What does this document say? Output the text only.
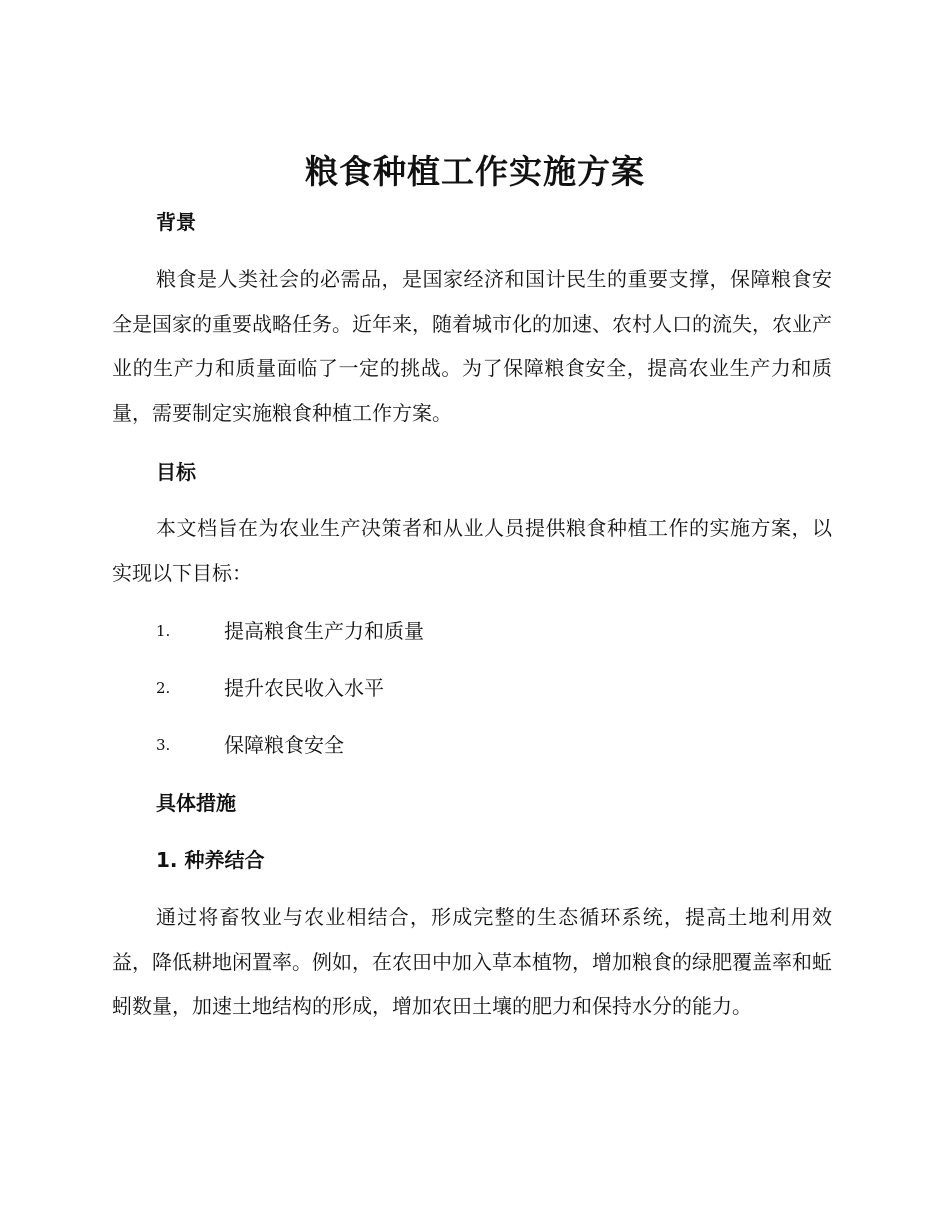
粮食种植工作实施方案
背景

粮食是人类社会的必需品，是国家经济和国计民生的重要支撑，保障粮食安全是国家的重要战略任务。近年来，随着城市化的加速、农村人口的流失，农业产业的生产力和质量面临了一定的挑战。为了保障粮食安全，提高农业生产力和质量，需要制定实施粮食种植工作方案。

目标

本文档旨在为农业生产决策者和从业人员提供粮食种植工作的实施方案，以实现以下目标：

1.	提高粮食生产力和质量
2.	提升农民收入水平
3.	保障粮食安全
具体措施
1. 种养结合

通过将畜牧业与农业相结合，形成完整的生态循环系统，提高土地利用效益，降低耕地闲置率。例如，在农田中加入草本植物，增加粮食的绿肥覆盖率和蚯蚓数量，加速土地结构的形成，增加农田土壤的肥力和保持水分的能力。
